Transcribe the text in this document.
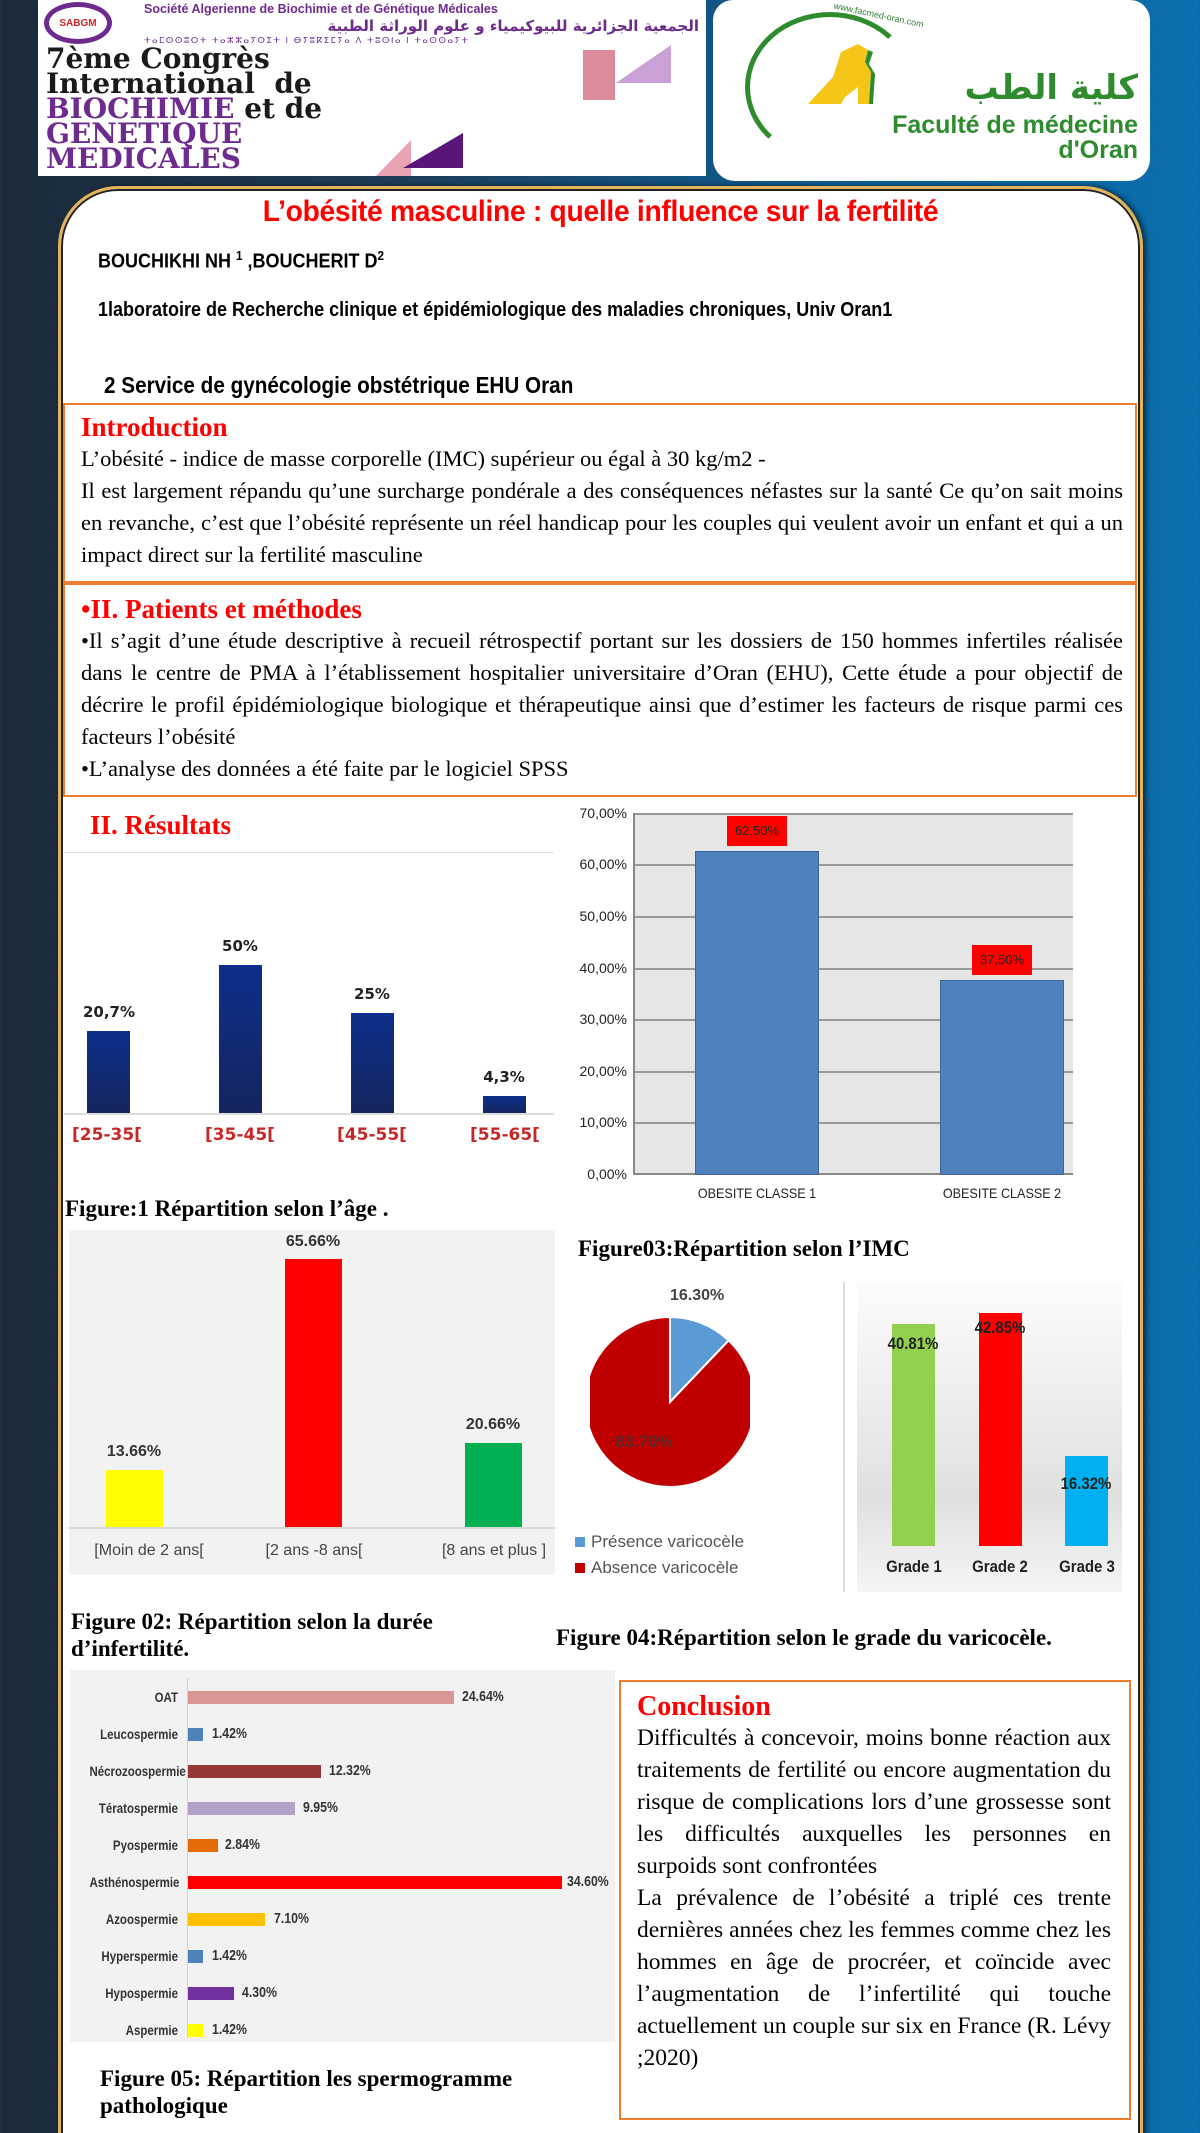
SABGM
Société Algerienne de Biochimie et de Génétique Médicales
الجمعية الجزائرية للبيوكيمياء و علوم الوراثة الطبية
ⵜⴰⵎⵙⵙⵓⵔⵜ ⵜⴰⵣⵣⴰⵢⵔⵉⵜ ⵏ ⴱⵢⵓⴽⵉⵎⵢⴰ ⴷ ⵜⵓⵙⵏⴰ ⵏ ⵜⴰⵙⵙⴰⵢⵜ
7ème Congrès
International de
BIOCHIMIE et de
GENETIQUE
MEDICALES
www.facmed-oran.com
كلية الطب
Faculté de médecine
d'Oran
L’obésité masculine : quelle influence sur la fertilité
BOUCHIKHI NH $^1$ ,BOUCHERIT $D^2$
1laboratoire de Recherche clinique et épidémiologique des maladies chroniques, Univ Oran1
2 Service de gynécologie obstétrique EHU Oran
Introduction

L’obésité - indice de masse corporelle (IMC) supérieur ou égal à 30 kg/m2 -

Il est largement répandu qu’une surcharge pondérale a des conséquences néfastes sur la santé Ce qu’on sait moins en revanche, c’est que l’obésité représente un réel handicap pour les couples qui veulent avoir un enfant et qui a un impact direct sur la fertilité masculine

•II. Patients et méthodes

•Il s’agit d’une étude descriptive à recueil rétrospectif portant sur les dossiers de 150 hommes infertiles réalisée dans le centre de PMA à l’établissement hospitalier universitaire d’Oran (EHU), Cette étude a pour objectif de décrire le profil épidémiologique biologique et thérapeutique ainsi que d’estimer les facteurs de risque parmi ces facteurs l’obésité

•L’analyse des données a été faite par le logiciel SPSS

II. Résultats
20,7%
50%
25%
4,3%
[25-35[	[35-45[	[45-55[	[55-65[
Figure:1 Répartition selon l’âge .
62,50%
37,50%
70,00%
60,00%
50,00%
40,00%
30,00%
20,00%
10,00%
0,00%
OBESITE CLASSE 1	OBESITE CLASSE 2
Figure03:Répartition selon l’IMC
13.66%
65.66%
20.66%
[Moin de 2 ans[	[2 ans -8 ans[	[8 ans et plus ]
Figure 02: Répartition selon la durée d’infertilité.
16.30%
83.70%
Présence varicocèle
Absence varicocèle
40.81%
42.85%
16.32%
Grade 1	Grade 2	Grade 3
Figure 04:Répartition selon le grade du varicocèle.
OAT	24.64%
Leucospermie 1.42%
Nécrozoospermie	12.32%
Tératospermie	9.95%
Pyospermie	2.84%
Asthénospermie	34.60%
Azoospermie	7.10%
Hyperspermie 1.42%
Hypospermie	4.30%
Aspermie 1.42%
Figure 05: Répartition les spermogramme pathologique
Conclusion

Difficultés à concevoir, moins bonne réaction aux traitements de fertilité ou encore augmentation du risque de complications lors d’une grossesse sont les difficultés auxquelles les personnes en surpoids sont confrontées

La prévalence de l’obésité a triplé ces trente dernières années chez les femmes comme chez les hommes en âge de procréer, et coïncide avec l’augmentation de l’infertilité qui touche actuellement un couple sur six en France (R. Lévy ;2020)
